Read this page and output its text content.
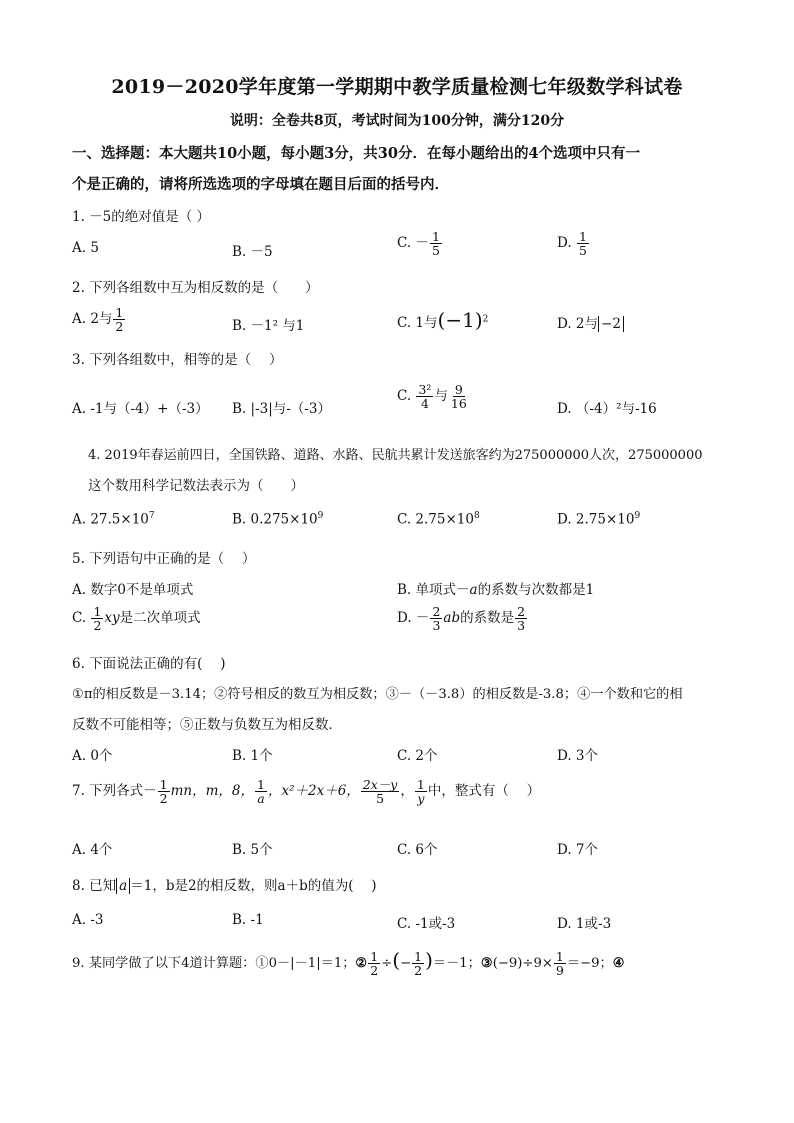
2019－2020学年度第一学期期中教学质量检测七年级数学科试卷
说明：全卷共8页，考试时间为100分钟，满分120分
一、选择题：本大题共10小题，每小题3分，共30分．在每小题给出的4个选项中只有一
个是正确的，请将所选选项的字母填在题目后面的括号内．
1. －5的绝对值是（ ）
A. 5	B. －5
C. － $\frac{1}{5}$	D. $\frac{1}{5}$
2. 下列各组数中互为相反数的是（　　）
A. 2与 $\frac{1}{2}$	B. －1² 与1	C. 1与$(-1)^2$	D. 2与 −2
3. 下列各组数中，相等的是（　 ）
A. -1与（-4）+（-3） B. |-3|与-（-3）
C. $\frac{\text{3²}}{4}$ 与 $\frac{9}{16}$	D. （-4）²与-16
4. 2019年春运前四日，全国铁路、道路、水路、民航共累计发送旅客约为275000000人次，275000000
这个数用科学记数法表示为（　　）
A. $27.5\times 10^7$	B. $0.275\times 10^9$	C. $2.75\times 10^8$	D. $2.75\times 10^9$
5. 下列语句中正确的是（　 ）
A. 数字0不是单项式	B. 单项式－a的系数与次数都是1
C. $\frac{1}{2}$ xy是二次单项式	D. － $\frac{2}{3}$ ab的系数是 $\frac{2}{3}$
6. 下面说法正确的有(　 )
①π的相反数是－3.14；②符号相反的数互为相反数；③－（－3.8）的相反数是-3.8；④一个数和它的相
反数不可能相等；⑤正数与负数互为相反数．
A. 0个	B. 1个	C. 2个	D. 3个
7. 下列各式－ $\frac{1}{2}$ mn，m，8， $\frac{1}{a}$ ，x²＋2x＋6， $\frac{2x-y}{5}$ ， $\frac{1}{y}$ 中，整式有（　 ）
A. 4个	B. 5个	C. 6个	D. 7个
8. 已知 a ＝1，b是2的相反数，则a＋b的值为(　 )
A. -3	B. -1	C. -1或-3	D. 1或-3
9. 某同学做了以下4道计算题：①0－|－1|＝1；② $\frac{1}{2}$ ÷(− $\frac{1}{2} )=-1$；③(−9)÷9× $\frac{1}{9} =-9$；④
